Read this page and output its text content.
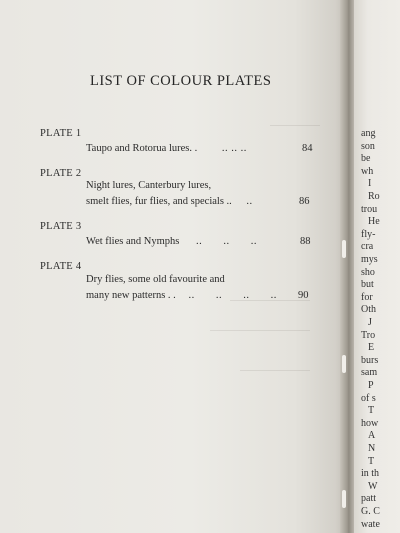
ang
son
be
wh
I
Ro
trou
He
fly-
cra
mys
sho
but
for
Oth
J
Tro
E
burs
sam
P
of s
T
how
A
N
T
in th
W
patt
G. C
wate
LIST OF COLOUR PLATES
PLATE 1
Taupo and Rotorua lures. . .. .. ..	84
PLATE 2
Night lures, Canterbury lures,
smelt flies, fur flies, and specials .. ..	86
PLATE 3
Wet flies and Nymphs .. .. ..	88
PLATE 4
Dry flies, some old favourite and
many new patterns . . .. .. .. ..	90
